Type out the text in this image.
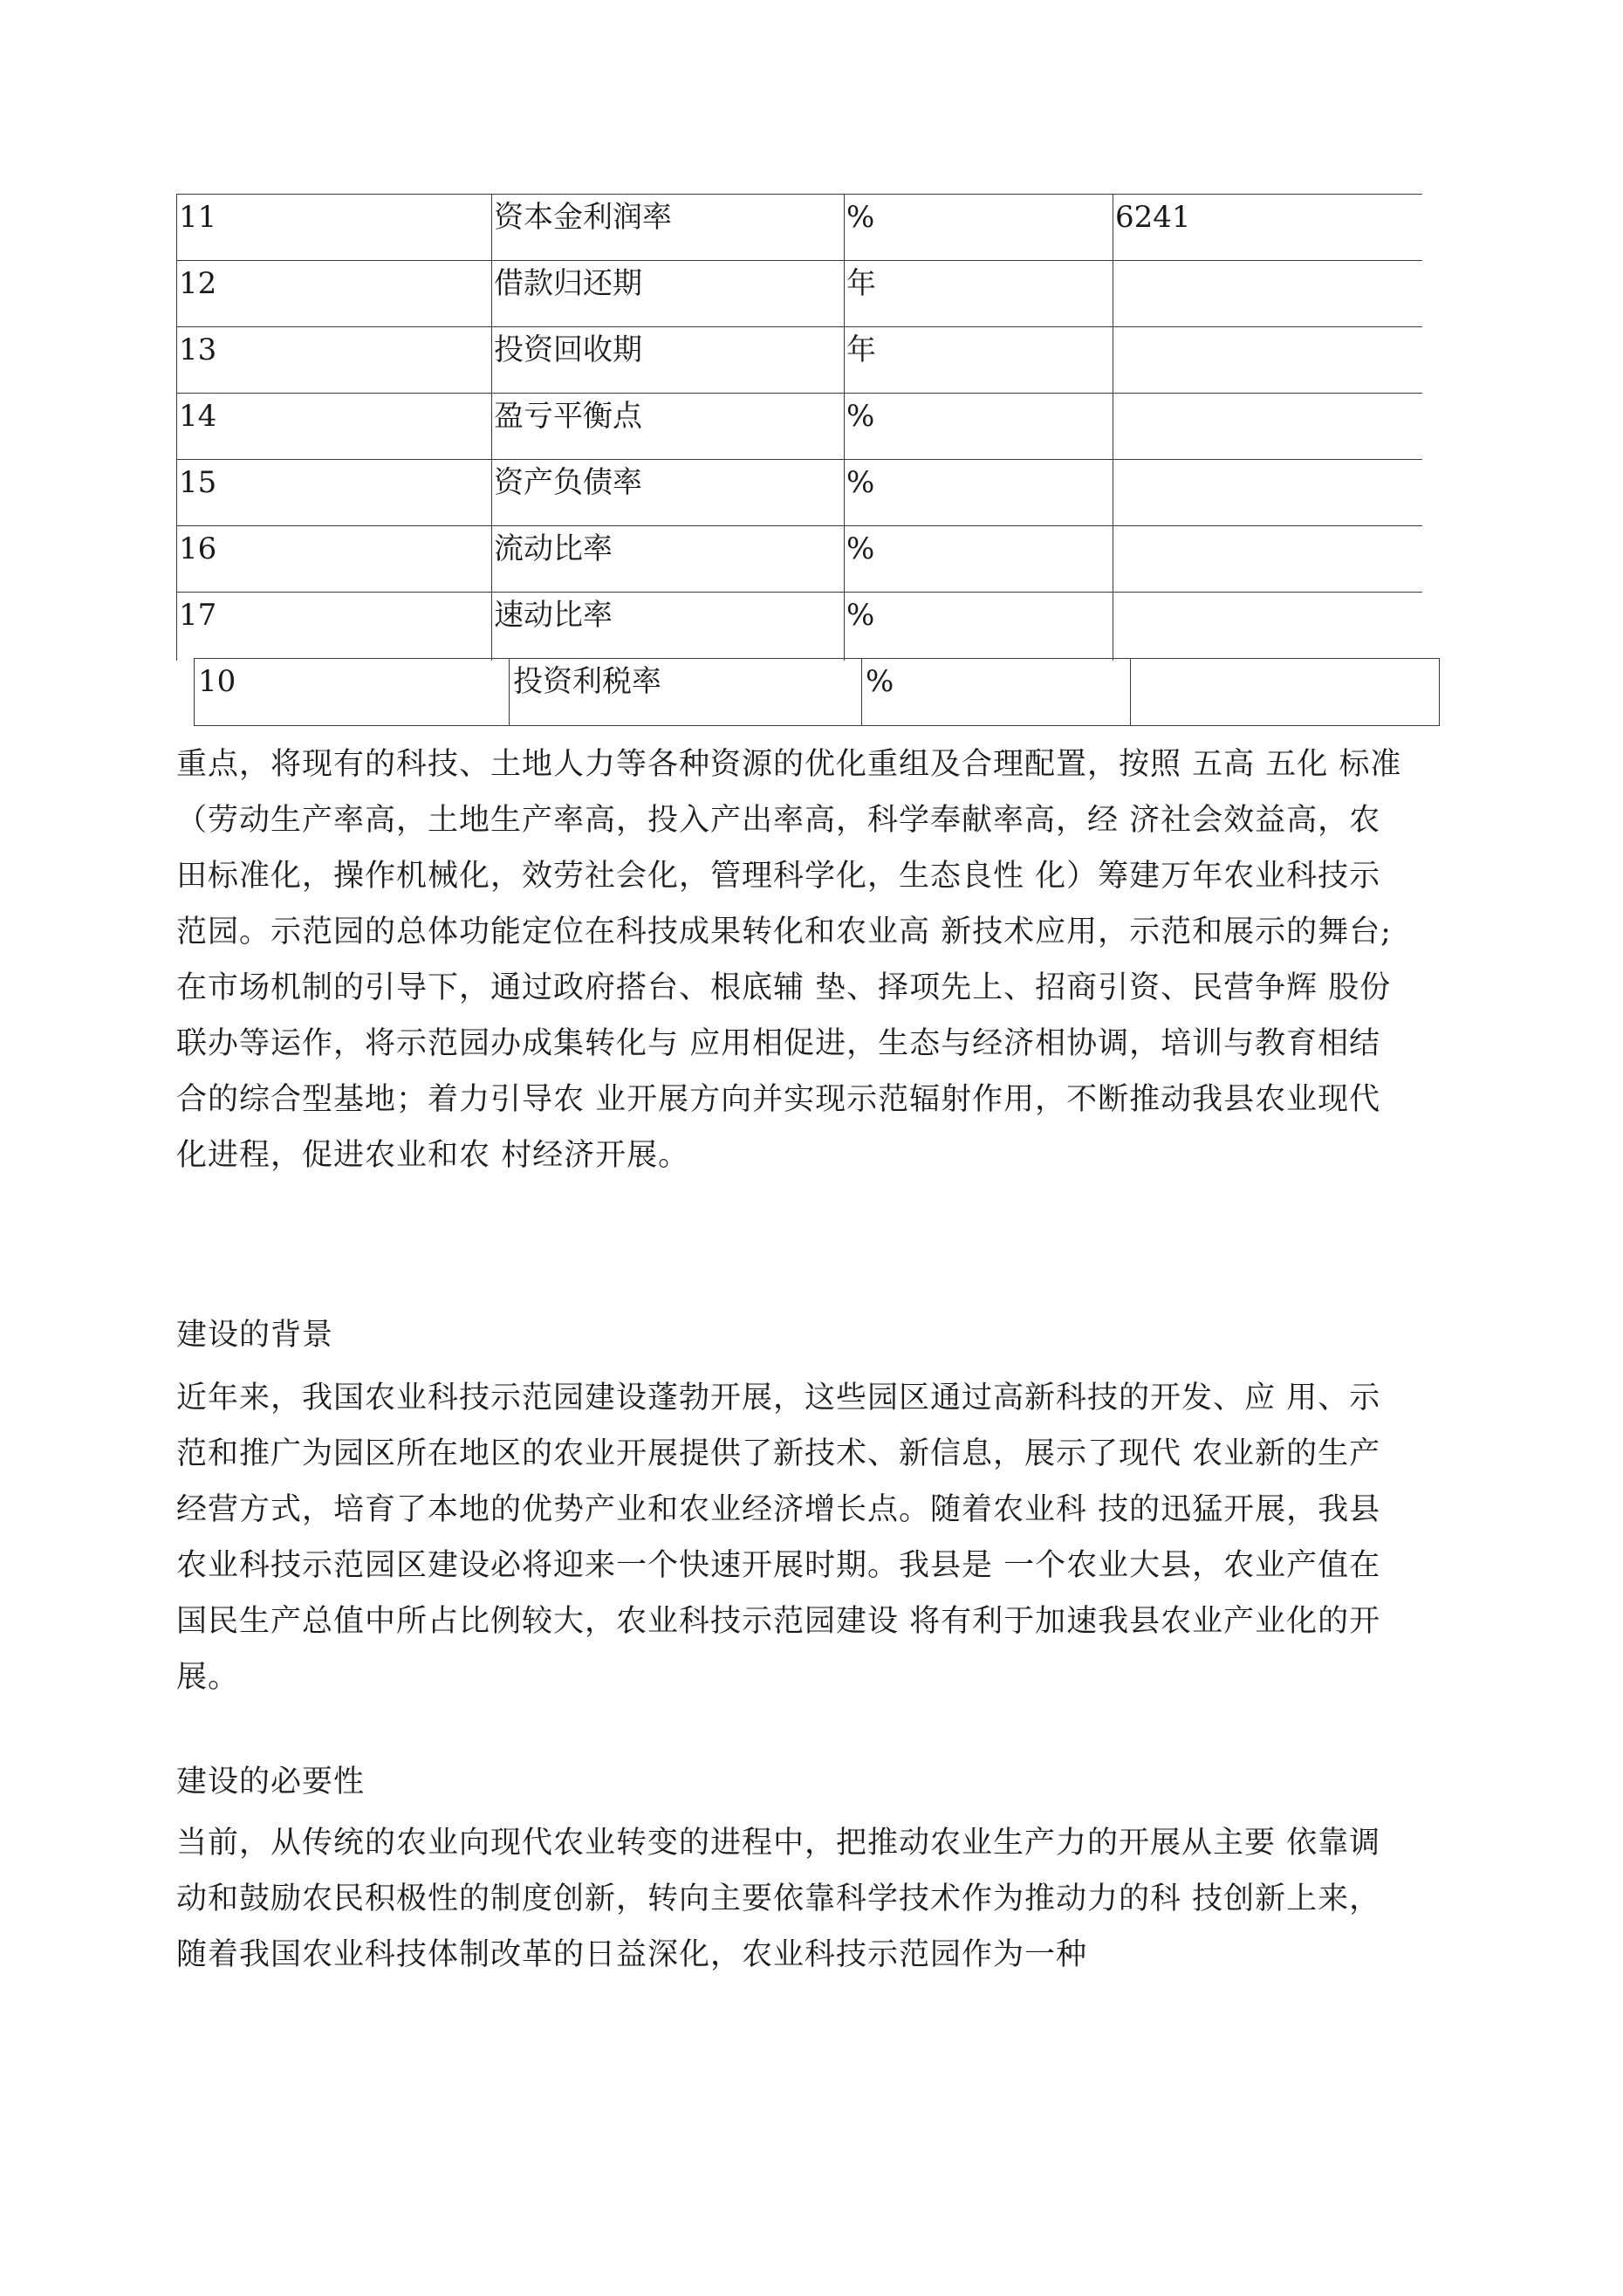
11	资本金利润率	%	6241

12	借款归还期	年	

13	投资回收期	年	

14	盈亏平衡点	%	

15	资产负债率	%	

16	流动比率	%	

17	速动比率	%	

10	投资利税率	%

重点，将现有的科技、土地人力等各种资源的优化重组及合理配置，按照 五高 五化 标准
（劳动生产率高，土地生产率高，投入产出率高，科学奉献率高，经 济社会效益高，农
田标准化，操作机械化，效劳社会化，管理科学化，生态良性 化）筹建万年农业科技示
范园。示范园的总体功能定位在科技成果转化和农业高 新技术应用，示范和展示的舞台;
在市场机制的引导下，通过政府搭台、根底辅 垫、择项先上、招商引资、民营争辉 股份
联办等运作，将示范园办成集转化与 应用相促进，生态与经济相协调，培训与教育相结
合的综合型基地；着力引导农 业开展方向并实现示范辐射作用，不断推动我县农业现代
化进程，促进农业和农 村经济开展。
建设的背景
近年来，我国农业科技示范园建设蓬勃开展，这些园区通过高新科技的开发、应 用、示
范和推广为园区所在地区的农业开展提供了新技术、新信息，展示了现代 农业新的生产
经营方式，培育了本地的优势产业和农业经济增长点。随着农业科 技的迅猛开展，我县
农业科技示范园区建设必将迎来一个快速开展时期。我县是 一个农业大县，农业产值在
国民生产总值中所占比例较大，农业科技示范园建设 将有利于加速我县农业产业化的开
展。
建设的必要性
当前，从传统的农业向现代农业转变的进程中，把推动农业生产力的开展从主要 依靠调
动和鼓励农民积极性的制度创新，转向主要依靠科学技术作为推动力的科 技创新上来，
随着我国农业科技体制改革的日益深化，农业科技示范园作为一种
